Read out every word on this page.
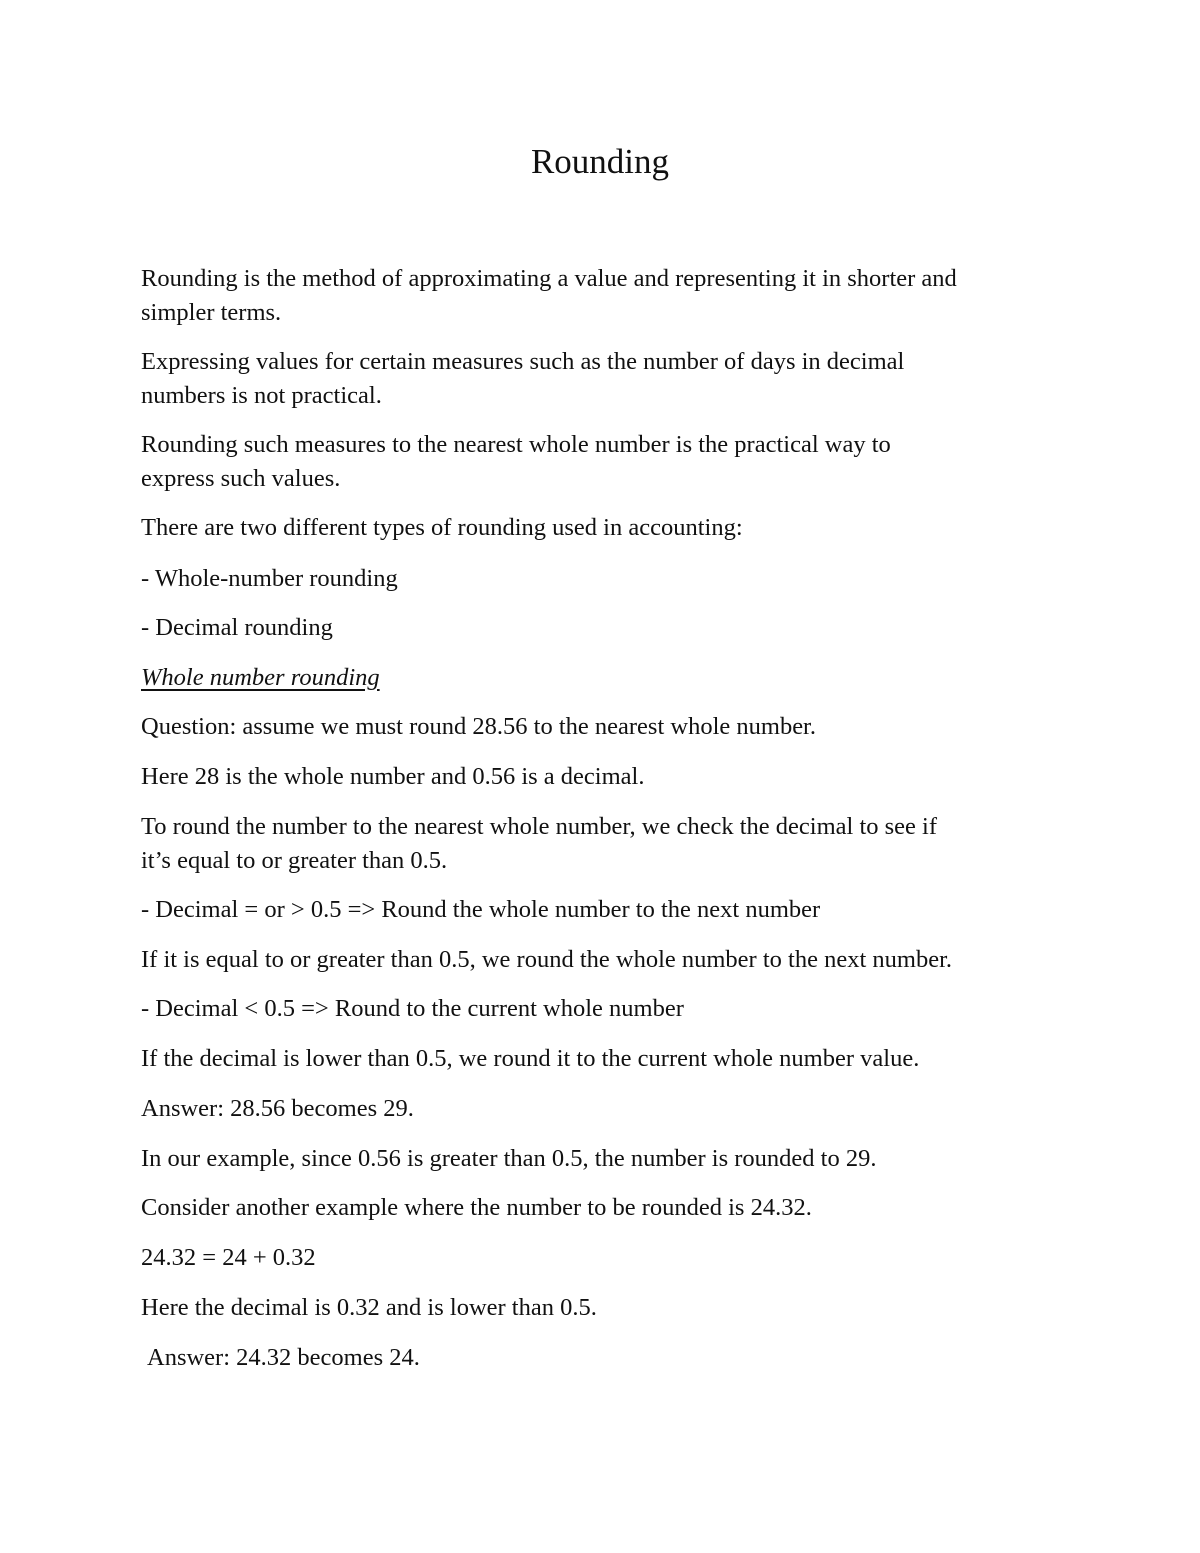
Rounding

Rounding is the method of approximating a value and representing it in shorter and

simpler terms.

Expressing values for certain measures such as the number of days in decimal

numbers is not practical.

Rounding such measures to the nearest whole number is the practical way to

express such values.

There are two different types of rounding used in accounting:

- Whole-number rounding

- Decimal rounding

Whole number rounding

Question: assume we must round 28.56 to the nearest whole number.

Here 28 is the whole number and 0.56 is a decimal.

To round the number to the nearest whole number, we check the decimal to see if

it’s equal to or greater than 0.5.

- Decimal = or > 0.5 => Round the whole number to the next number

If it is equal to or greater than 0.5, we round the whole number to the next number.

- Decimal < 0.5 => Round to the current whole number

If the decimal is lower than 0.5, we round it to the current whole number value.

Answer: 28.56 becomes 29.

In our example, since 0.56 is greater than 0.5, the number is rounded to 29.

Consider another example where the number to be rounded is 24.32.

24.32 = 24 + 0.32

Here the decimal is 0.32 and is lower than 0.5.

Answer: 24.32 becomes 24.
